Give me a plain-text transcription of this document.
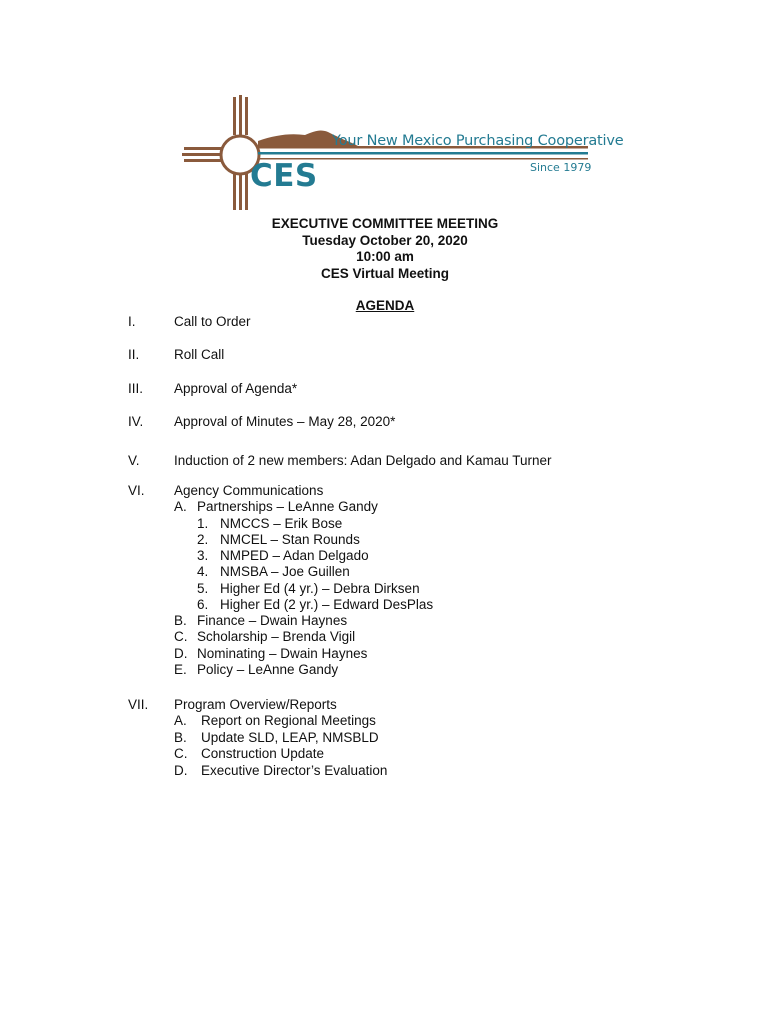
Your New Mexico Purchasing Cooperative
Since 1979
CES
EXECUTIVE COMMITTEE MEETING
Tuesday October 20, 2020
10:00 am
CES Virtual Meeting
AGENDA
I.	Call to Order
II.	Roll Call
III. Approval of Agenda*
IV. Approval of Minutes – May 28, 2020*
V.	Induction of 2 new members: Adan Delgado and Kamau Turner
VI. Agency Communications
A. Partnerships – LeAnne Gandy
1. NMCCS – Erik Bose
2. NMCEL – Stan Rounds
3. NMPED – Adan Delgado
4. NMSBA – Joe Guillen
5. Higher Ed (4 yr.) – Debra Dirksen
6. Higher Ed (2 yr.) – Edward DesPlas
B. Finance – Dwain Haynes
C. Scholarship – Brenda Vigil
D. Nominating – Dwain Haynes
E. Policy – LeAnne Gandy
VII. Program Overview/Reports
A. Report on Regional Meetings
B. Update SLD, LEAP, NMSBLD
C. Construction Update
D. Executive Director’s Evaluation
